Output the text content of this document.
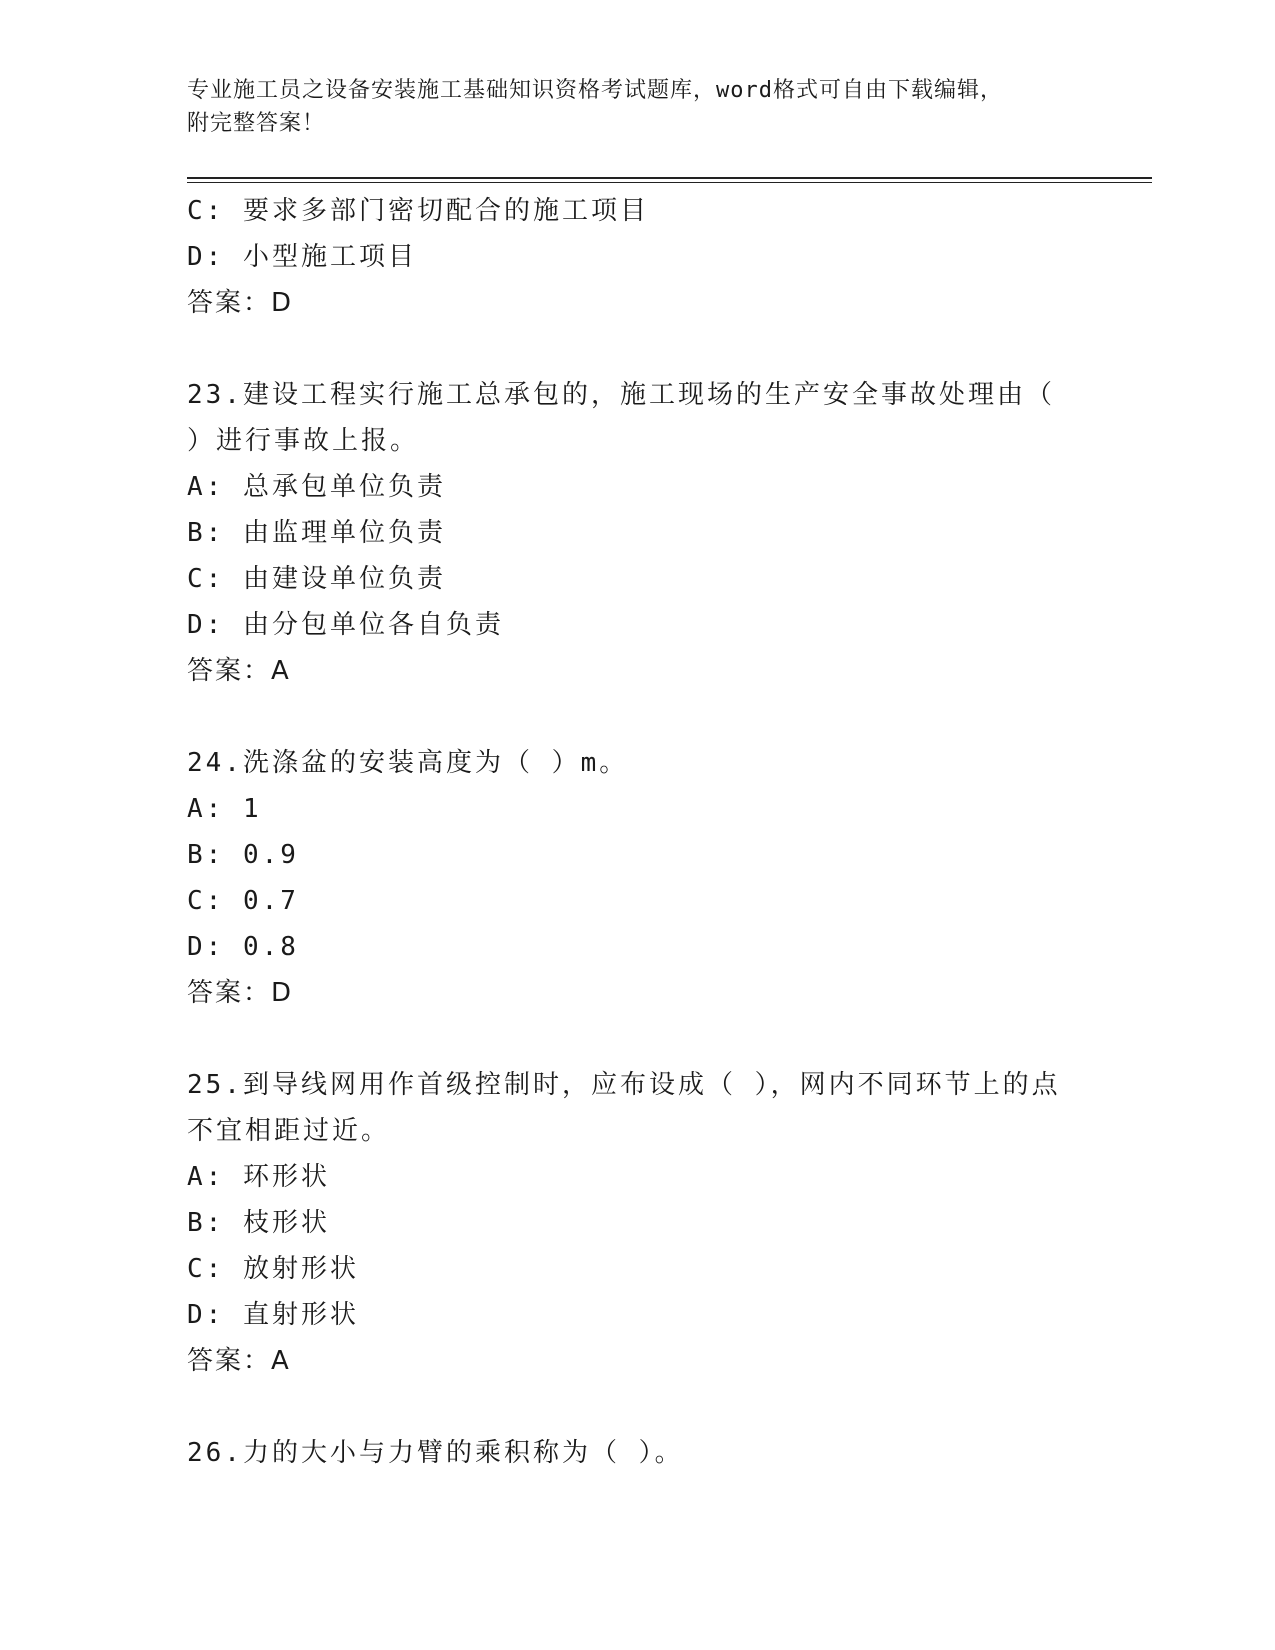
专业施工员之设备安装施工基础知识资格考试题库，word格式可自由下载编辑，
附完整答案！
C: 要求多部门密切配合的施工项目
D: 小型施工项目
答案：D
23.建设工程实行施工总承包的，施工现场的生产安全事故处理由（
）进行事故上报。
A: 总承包单位负责
B: 由监理单位负责
C: 由建设单位负责
D: 由分包单位各自负责
答案：A
24.洗涤盆的安装高度为（ ）m。
A: 1
B: 0.9
C: 0.7
D: 0.8
答案：D
25.到导线网用作首级控制时，应布设成（ ），网内不同环节上的点
不宜相距过近。
A: 环形状
B: 枝形状
C: 放射形状
D: 直射形状
答案：A
26.力的大小与力臂的乘积称为（ ）。
